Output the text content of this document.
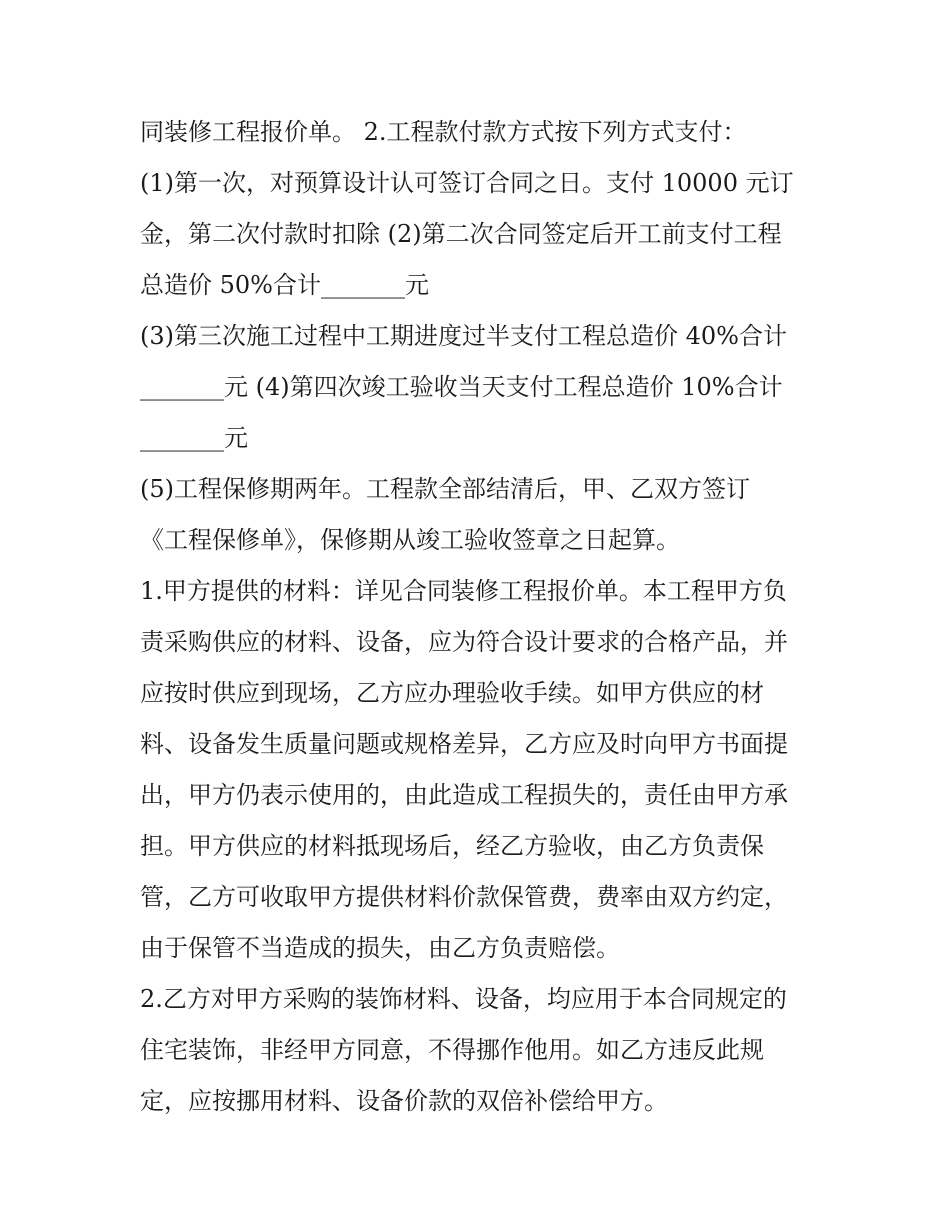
同装修工程报价单。 2.工程款付款方式按下列方式支付：
(1)第一次，对预算设计认可签订合同之日。支付 10000 元订
金，第二次付款时扣除 (2)第二次合同签定后开工前支付工程
总造价 50%合计_______元
(3)第三次施工过程中工期进度过半支付工程总造价 40%合计
_______元 (4)第四次竣工验收当天支付工程总造价 10%合计
_______元
(5)工程保修期两年。工程款全部结清后，甲、乙双方签订
《工程保修单》，保修期从竣工验收签章之日起算。
1.甲方提供的材料：详见合同装修工程报价单。本工程甲方负
责采购供应的材料、设备，应为符合设计要求的合格产品，并
应按时供应到现场，乙方应办理验收手续。如甲方供应的材
料、设备发生质量问题或规格差异，乙方应及时向甲方书面提
出，甲方仍表示使用的，由此造成工程损失的，责任由甲方承
担。甲方供应的材料抵现场后，经乙方验收，由乙方负责保
管，乙方可收取甲方提供材料价款保管费，费率由双方约定，
由于保管不当造成的损失，由乙方负责赔偿。
2.乙方对甲方采购的装饰材料、设备，均应用于本合同规定的
住宅装饰，非经甲方同意，不得挪作他用。如乙方违反此规
定，应按挪用材料、设备价款的双倍补偿给甲方。
